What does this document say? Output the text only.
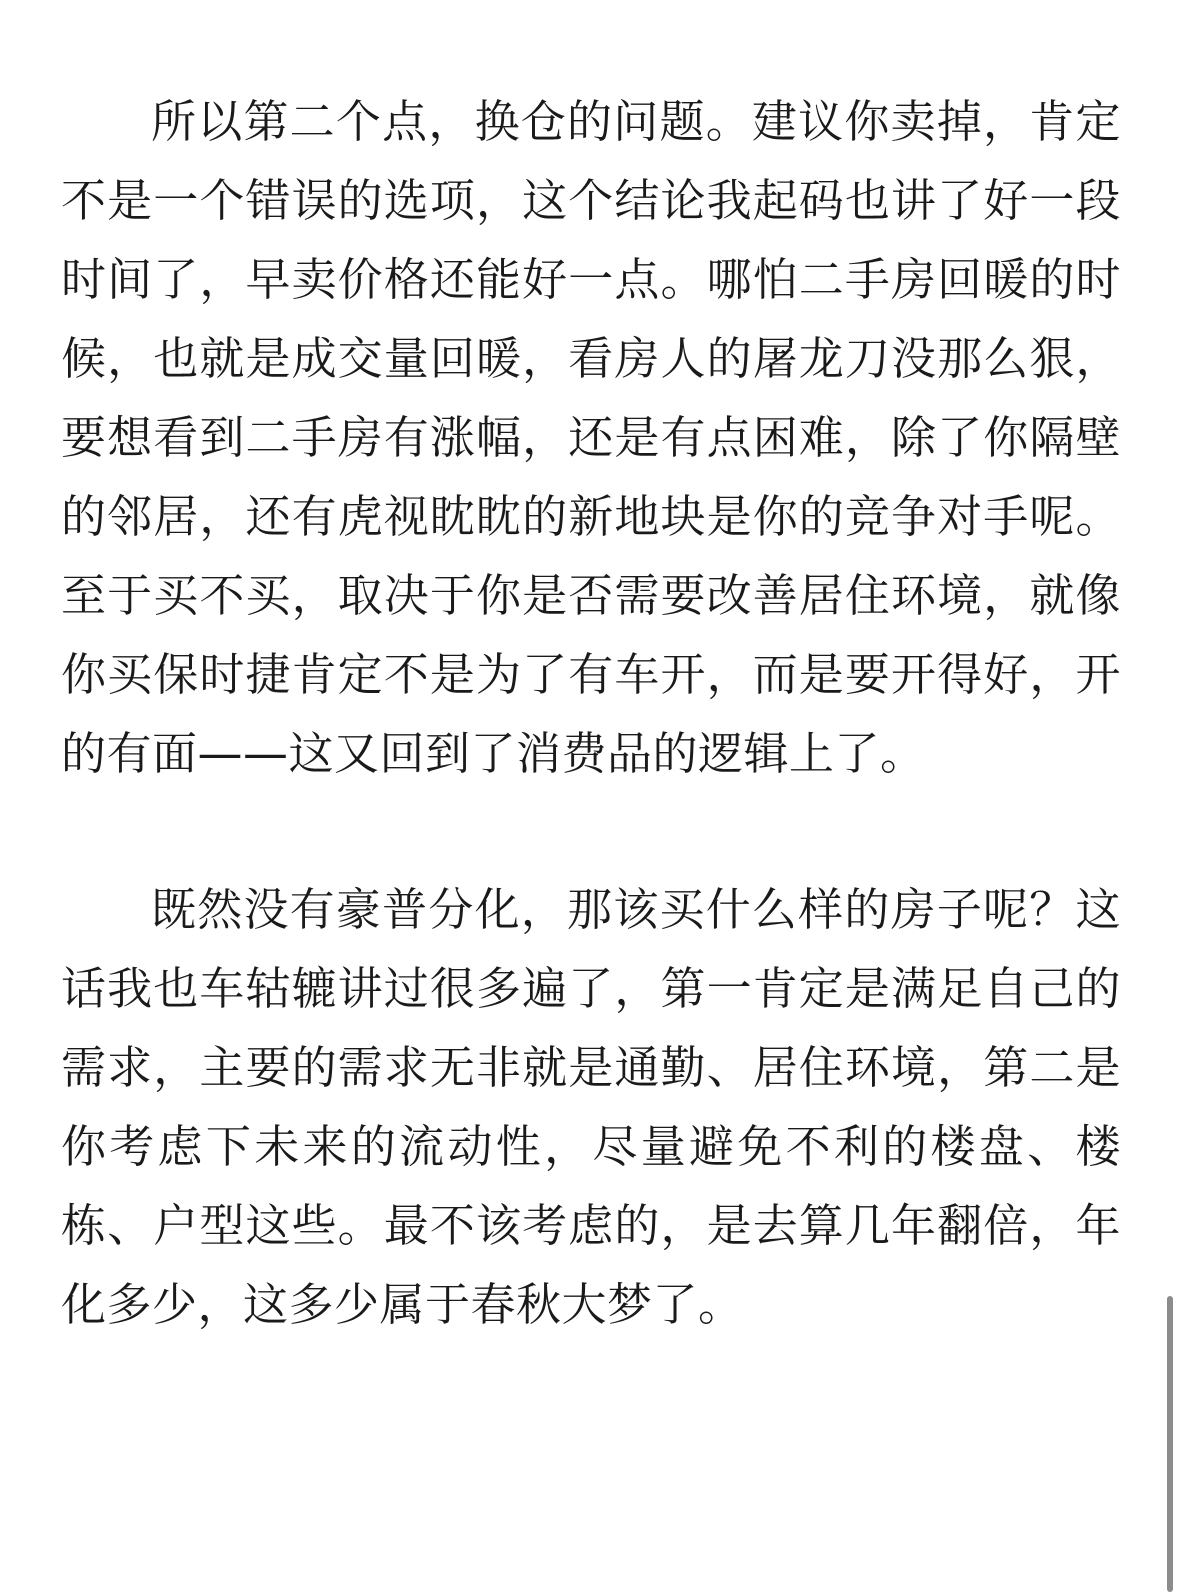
所以第二个点，换仓的问题。建议你卖掉，肯定不是一个错误的选项，这个结论我起码也讲了好一段时间了，早卖价格还能好一点。哪怕二手房回暖的时候，也就是成交量回暖，看房人的屠龙刀没那么狠，要想看到二手房有涨幅，还是有点困难，除了你隔壁的邻居，还有虎视眈眈的新地块是你的竞争对手呢。至于买不买，取决于你是否需要改善居住环境，就像你买保时捷肯定不是为了有车开，而是要开得好，开的有面——这又回到了消费品的逻辑上了。

既然没有豪普分化，那该买什么样的房子呢？这话我也车轱辘讲过很多遍了，第一肯定是满足自己的需求，主要的需求无非就是通勤、居住环境，第二是你考虑下未来的流动性，尽量避免不利的楼盘、楼栋、户型这些。最不该考虑的，是去算几年翻倍，年化多少，这多少属于春秋大梦了。
